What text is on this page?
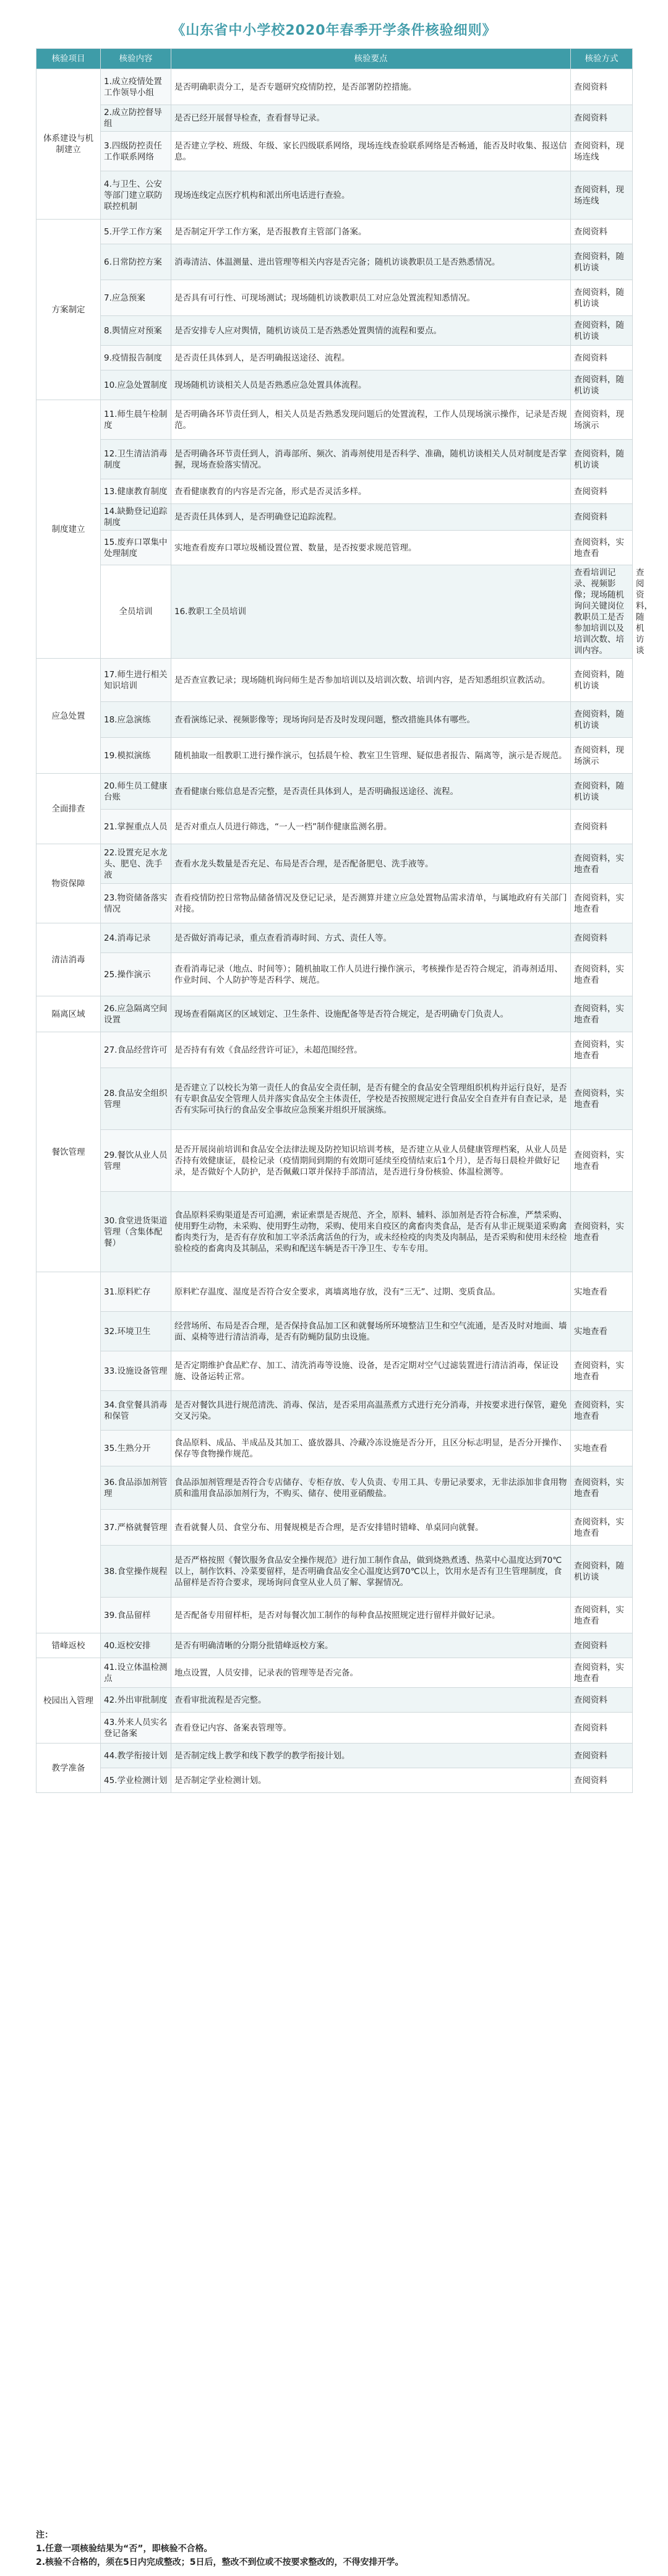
《山东省中小学校2020年春季开学条件核验细则》
核验项目	核验内容	核验要点	核验方式	
体系建设与机制建立	1.成立疫情处置工作领导小组	是否明确职责分工，是否专题研究疫情防控，是否部署防控措施。	查阅资料	
	2.成立防控督导组	是否已经开展督导检查，查看督导记录。	查阅资料	
	3.四级防控责任工作联系网络	是否建立学校、班级、年级、家长四级联系网络，现场连线查验联系网络是否畅通，能否及时收集、报送信息。	查阅资料，现场连线	
	4.与卫生、公安等部门建立联防联控机制	现场连线定点医疗机构和派出所电话进行查验。	查阅资料，现场连线	
方案制定	5.开学工作方案	是否制定开学工作方案，是否报教育主管部门备案。	查阅资料	
	6.日常防控方案	消毒清洁、体温测量、进出管理等相关内容是否完备；随机访谈教职员工是否熟悉情况。	查阅资料，随机访谈	
	7.应急预案	是否具有可行性、可现场测试；现场随机访谈教职员工对应急处置流程知悉情况。	查阅资料，随机访谈	
	8.舆情应对预案	是否安排专人应对舆情，随机访谈员工是否熟悉处置舆情的流程和要点。	查阅资料，随机访谈	
	9.疫情报告制度	是否责任具体到人，是否明确报送途径、流程。	查阅资料	
	10.应急处置制度	现场随机访谈相关人员是否熟悉应急处置具体流程。	查阅资料，随机访谈	
制度建立	11.师生晨午检制度	是否明确各环节责任到人，相关人员是否熟悉发现问题后的处置流程，工作人员现场演示操作，记录是否规范。	查阅资料，现场演示	
	12.卫生清洁消毒制度	是否明确各环节责任到人，消毒部所、频次、消毒剂使用是否科学、准确，随机访谈相关人员对制度是否掌握，现场查验落实情况。	查阅资料，随机访谈	
	13.健康教育制度	查看健康教育的内容是否完备，形式是否灵活多样。	查阅资料	
	14.缺勤登记追踪制度	是否责任具体到人，是否明确登记追踪流程。	查阅资料	
	15.废弃口罩集中处理制度	实地查看废弃口罩垃圾桶设置位置、数量，是否按要求规范管理。	查阅资料，实地查看	
	全员培训	16.教职工全员培训	查看培训记录、视频影像；现场随机询问关键岗位教职员工是否参加培训以及培训次数、培训内容。	查阅资料，随机访谈
应急处置	17.师生进行相关知识培训	是否查宣教记录；现场随机询问师生是否参加培训以及培训次数、培训内容，是否知悉组织宣教活动。	查阅资料，随机访谈	
	18.应急演练	查看演练记录、视频影像等；现场询问是否及时发现问题，整改措施具体有哪些。	查阅资料，随机访谈	
	19.模拟演练	随机抽取一组教职工进行操作演示，包括晨午检、教室卫生管理、疑似患者报告、隔离等，演示是否规范。	查阅资料，现场演示	
全面排查	20.师生员工健康台账	查看健康台账信息是否完整，是否责任具体到人，是否明确报送途径、流程。	查阅资料，随机访谈	
	21.掌握重点人员	是否对重点人员进行筛选，“一人一档”制作健康监测名册。	查阅资料	
物资保障	22.设置充足水龙头、肥皂、洗手液	查看水龙头数量是否充足、布局是否合理，是否配备肥皂、洗手液等。	查阅资料，实地查看	
	23.物资储备落实情况	查看疫情防控日常物品储备情况及登记记录，是否测算并建立应急处置物品需求清单，与属地政府有关部门对接。	查阅资料，实地查看	
清洁消毒	24.消毒记录	是否做好消毒记录，重点查看消毒时间、方式、责任人等。	查阅资料	
	25.操作演示	查看消毒记录（地点、时间等）；随机抽取工作人员进行操作演示，考核操作是否符合规定，消毒剂适用、作业时间、个人防护等是否科学、规范。	查阅资料，实地查看	
隔离区域	26.应急隔离空间设置	现场查看隔离区的区域划定、卫生条件、设施配备等是否符合规定，是否明确专门负责人。	查阅资料，实地查看	
餐饮管理	27.食品经营许可	是否持有有效《食品经营许可证》，未超范围经营。	查阅资料，实地查看	
	28.食品安全组织管理	是否建立了以校长为第一责任人的食品安全责任制，是否有健全的食品安全管理组织机构并运行良好，是否有专职食品安全管理人员并落实食品安全主体责任，学校是否按照规定进行食品安全自查并有自查记录，是否有实际可执行的食品安全事故应急预案并组织开展演练。	查阅资料，实地查看	
	29.餐饮从业人员管理	是否开展岗前培训和食品安全法律法规及防控知识培训考核，是否建立从业人员健康管理档案，从业人员是否持有效健康证，晨检记录（疫情期间到期的有效期可延续至疫情结束后1个月），是否每日晨检并做好记录，是否做好个人防护，是否佩戴口罩并保持手部清洁，是否进行身份核验、体温检测等。	查阅资料，实地查看	
	30.食堂进货渠道管理（含集体配餐）	食品原料采购渠道是否可追溯，索证索票是否规范、齐全，原料、辅料、添加剂是否符合标准，严禁采购、使用野生动物，未采购、使用野生动物，采购、使用来自疫区的禽畜肉类食品，是否有从非正规渠道采购禽畜肉类行为，是否有存放和加工宰杀活禽活鱼的行为，或未经检疫的肉类及肉制品，是否采购和使用未经检验检疫的畜禽肉及其制品，采购和配送车辆是否干净卫生、专车专用。	查阅资料，实地查看	
	31.原料贮存	原料贮存温度、湿度是否符合安全要求，离墙离地存放，没有“三无”、过期、变质食品。	实地查看	
	32.环境卫生	经营场所、布局是否合理，是否保持食品加工区和就餐场所环境整洁卫生和空气流通，是否及时对地面、墙面、桌椅等进行清洁消毒，是否有防蝇防鼠防虫设施。	实地查看	
	33.设施设备管理	是否定期维护食品贮存、加工、清洗消毒等设施、设备，是否定期对空气过滤装置进行清洁消毒，保证设施、设备运转正常。	查阅资料，实地查看	
	34.食堂餐具消毒和保管	是否对餐饮具进行规范清洗、消毒、保洁，是否采用高温蒸煮方式进行充分消毒，并按要求进行保管，避免交叉污染。	查阅资料，实地查看	
	35.生熟分开	食品原料、成品、半成品及其加工、盛放器具、冷藏冷冻设施是否分开，且区分标志明显，是否分开操作、保存等食物操作规范。	实地查看	
	36.食品添加剂管理	食品添加剂管理是否符合专店储存、专柜存放、专人负责、专用工具、专册记录要求，无非法添加非食用物质和滥用食品添加剂行为，不购买、储存、使用亚硝酸盐。	查阅资料，实地查看	
	37.严格就餐管理	查看就餐人员、食堂分布、用餐规模是否合理，是否安排错时错峰、单桌同向就餐。	查阅资料，实地查看	
	38.食堂操作规程	是否严格按照《餐饮服务食品安全操作规范》进行加工制作食品，做到烧熟煮透、热菜中心温度达到70℃以上，制作饮料、冷菜要留样，是否明确食品安全心温度达到70℃以上，饮用水是否有卫生管理制度，食品留样是否符合要求，现场询问食堂从业人员了解、掌握情况。	查阅资料，随机访谈	
	39.食品留样	是否配备专用留样柜，是否对每餐次加工制作的每种食品按照规定进行留样并做好记录。	查阅资料，实地查看	
错峰返校	40.返校安排	是否有明确清晰的分期分批错峰返校方案。	查阅资料	
校园出入管理	41.设立体温检测点	地点设置，人员安排，记录表的管理等是否完备。	查阅资料，实地查看	
	42.外出审批制度	查看审批流程是否完整。	查阅资料	
	43.外来人员实名登记备案	查看登记内容、备案表管理等。	查阅资料	
教学准备	44.教学衔接计划	是否制定线上教学和线下教学的教学衔接计划。	查阅资料	
	45.学业检测计划	是否制定学业检测计划。	查阅资料	
注：
1.任意一项核验结果为“否”，即核验不合格。
2.核验不合格的，须在5日内完成整改；5日后，整改不到位或不按要求整改的，不得安排开学。
